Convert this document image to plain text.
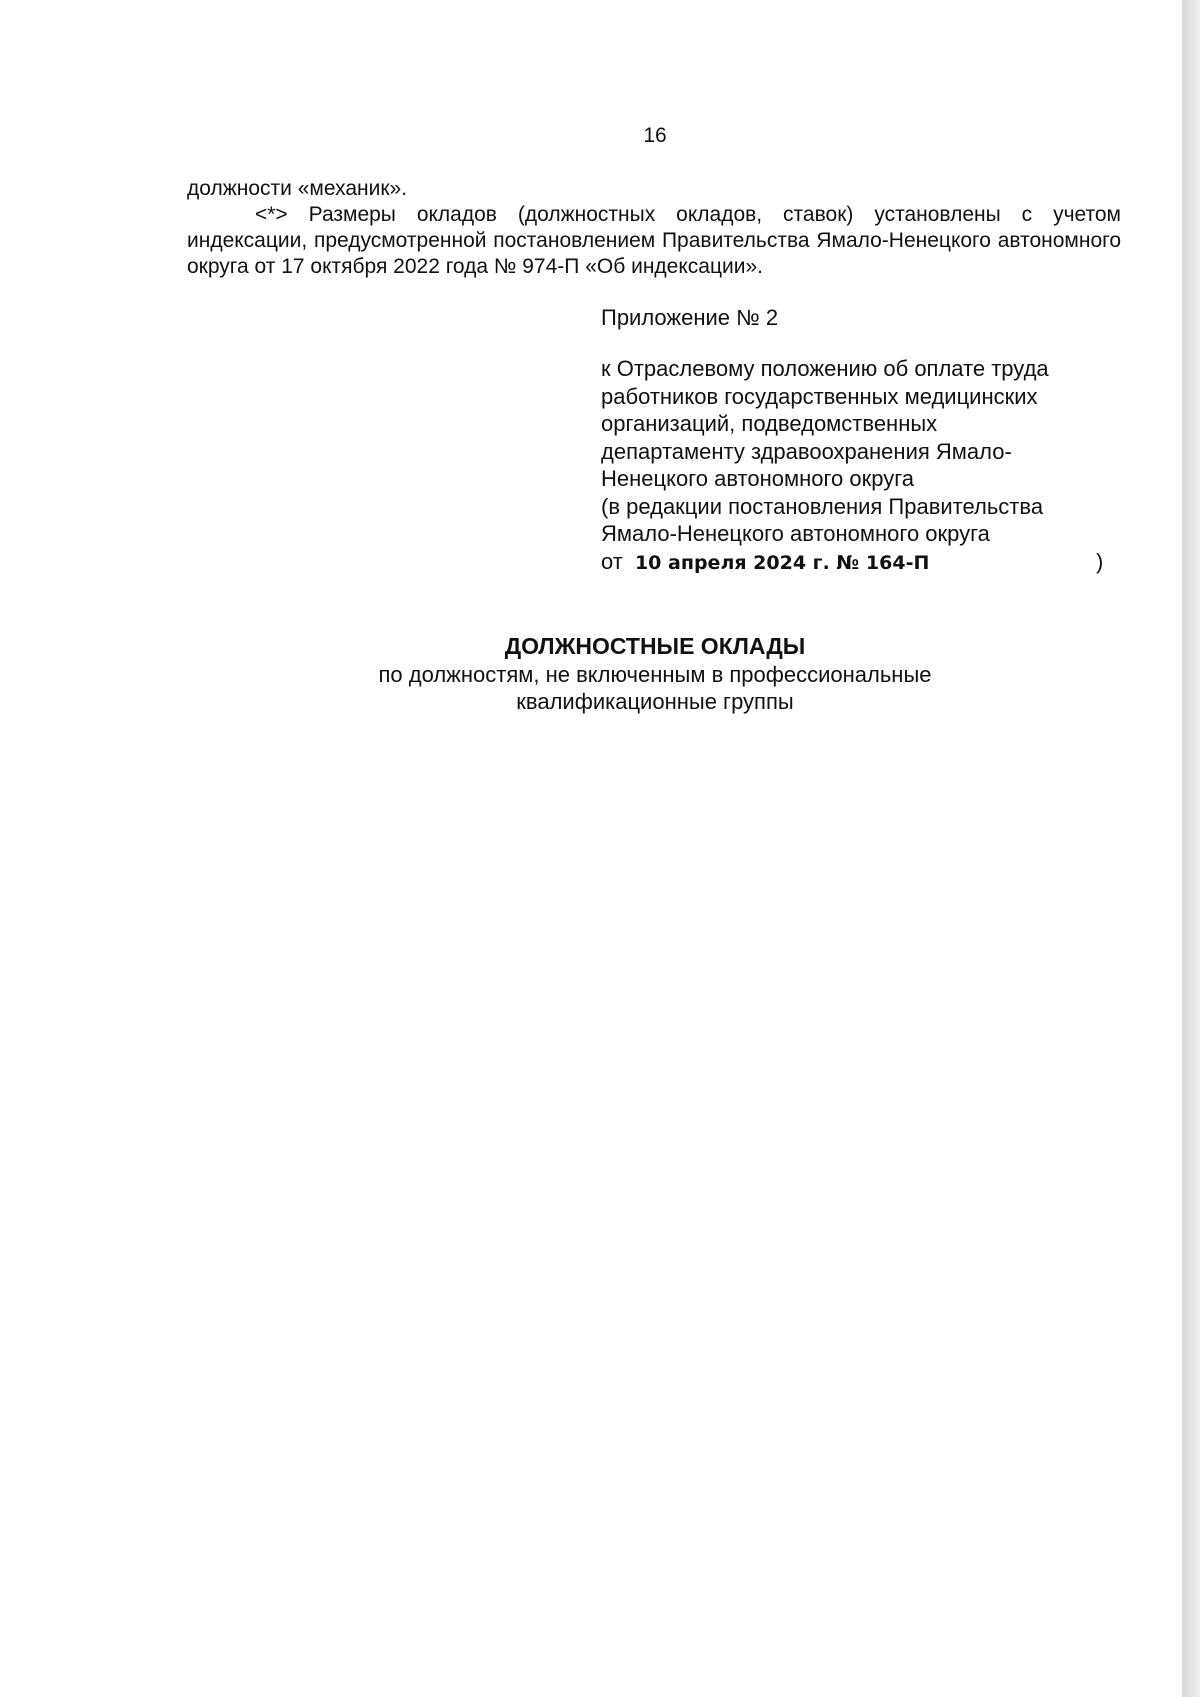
16

должности «механик».

<*> Размеры окладов (должностных окладов, ставок) установлены с учетом индексации, предусмотренной постановлением Правительства Ямало-Ненецкого автономного округа от 17 октября 2022 года № 974-П «Об индексации».

Приложение № 2
к Отраслевому положению об оплате труда
работников государственных медицинских
организаций, подведомственных
департаменту здравоохранения Ямало-
Ненецкого автономного округа
(в редакции постановления Правительства
Ямало-Ненецкого автономного округа
от 10 апреля 2024 г. № 164-П	)
ДОЛЖНОСТНЫЕ ОКЛАДЫ
по должностям, не включенным в профессиональные
квалификационные группы
